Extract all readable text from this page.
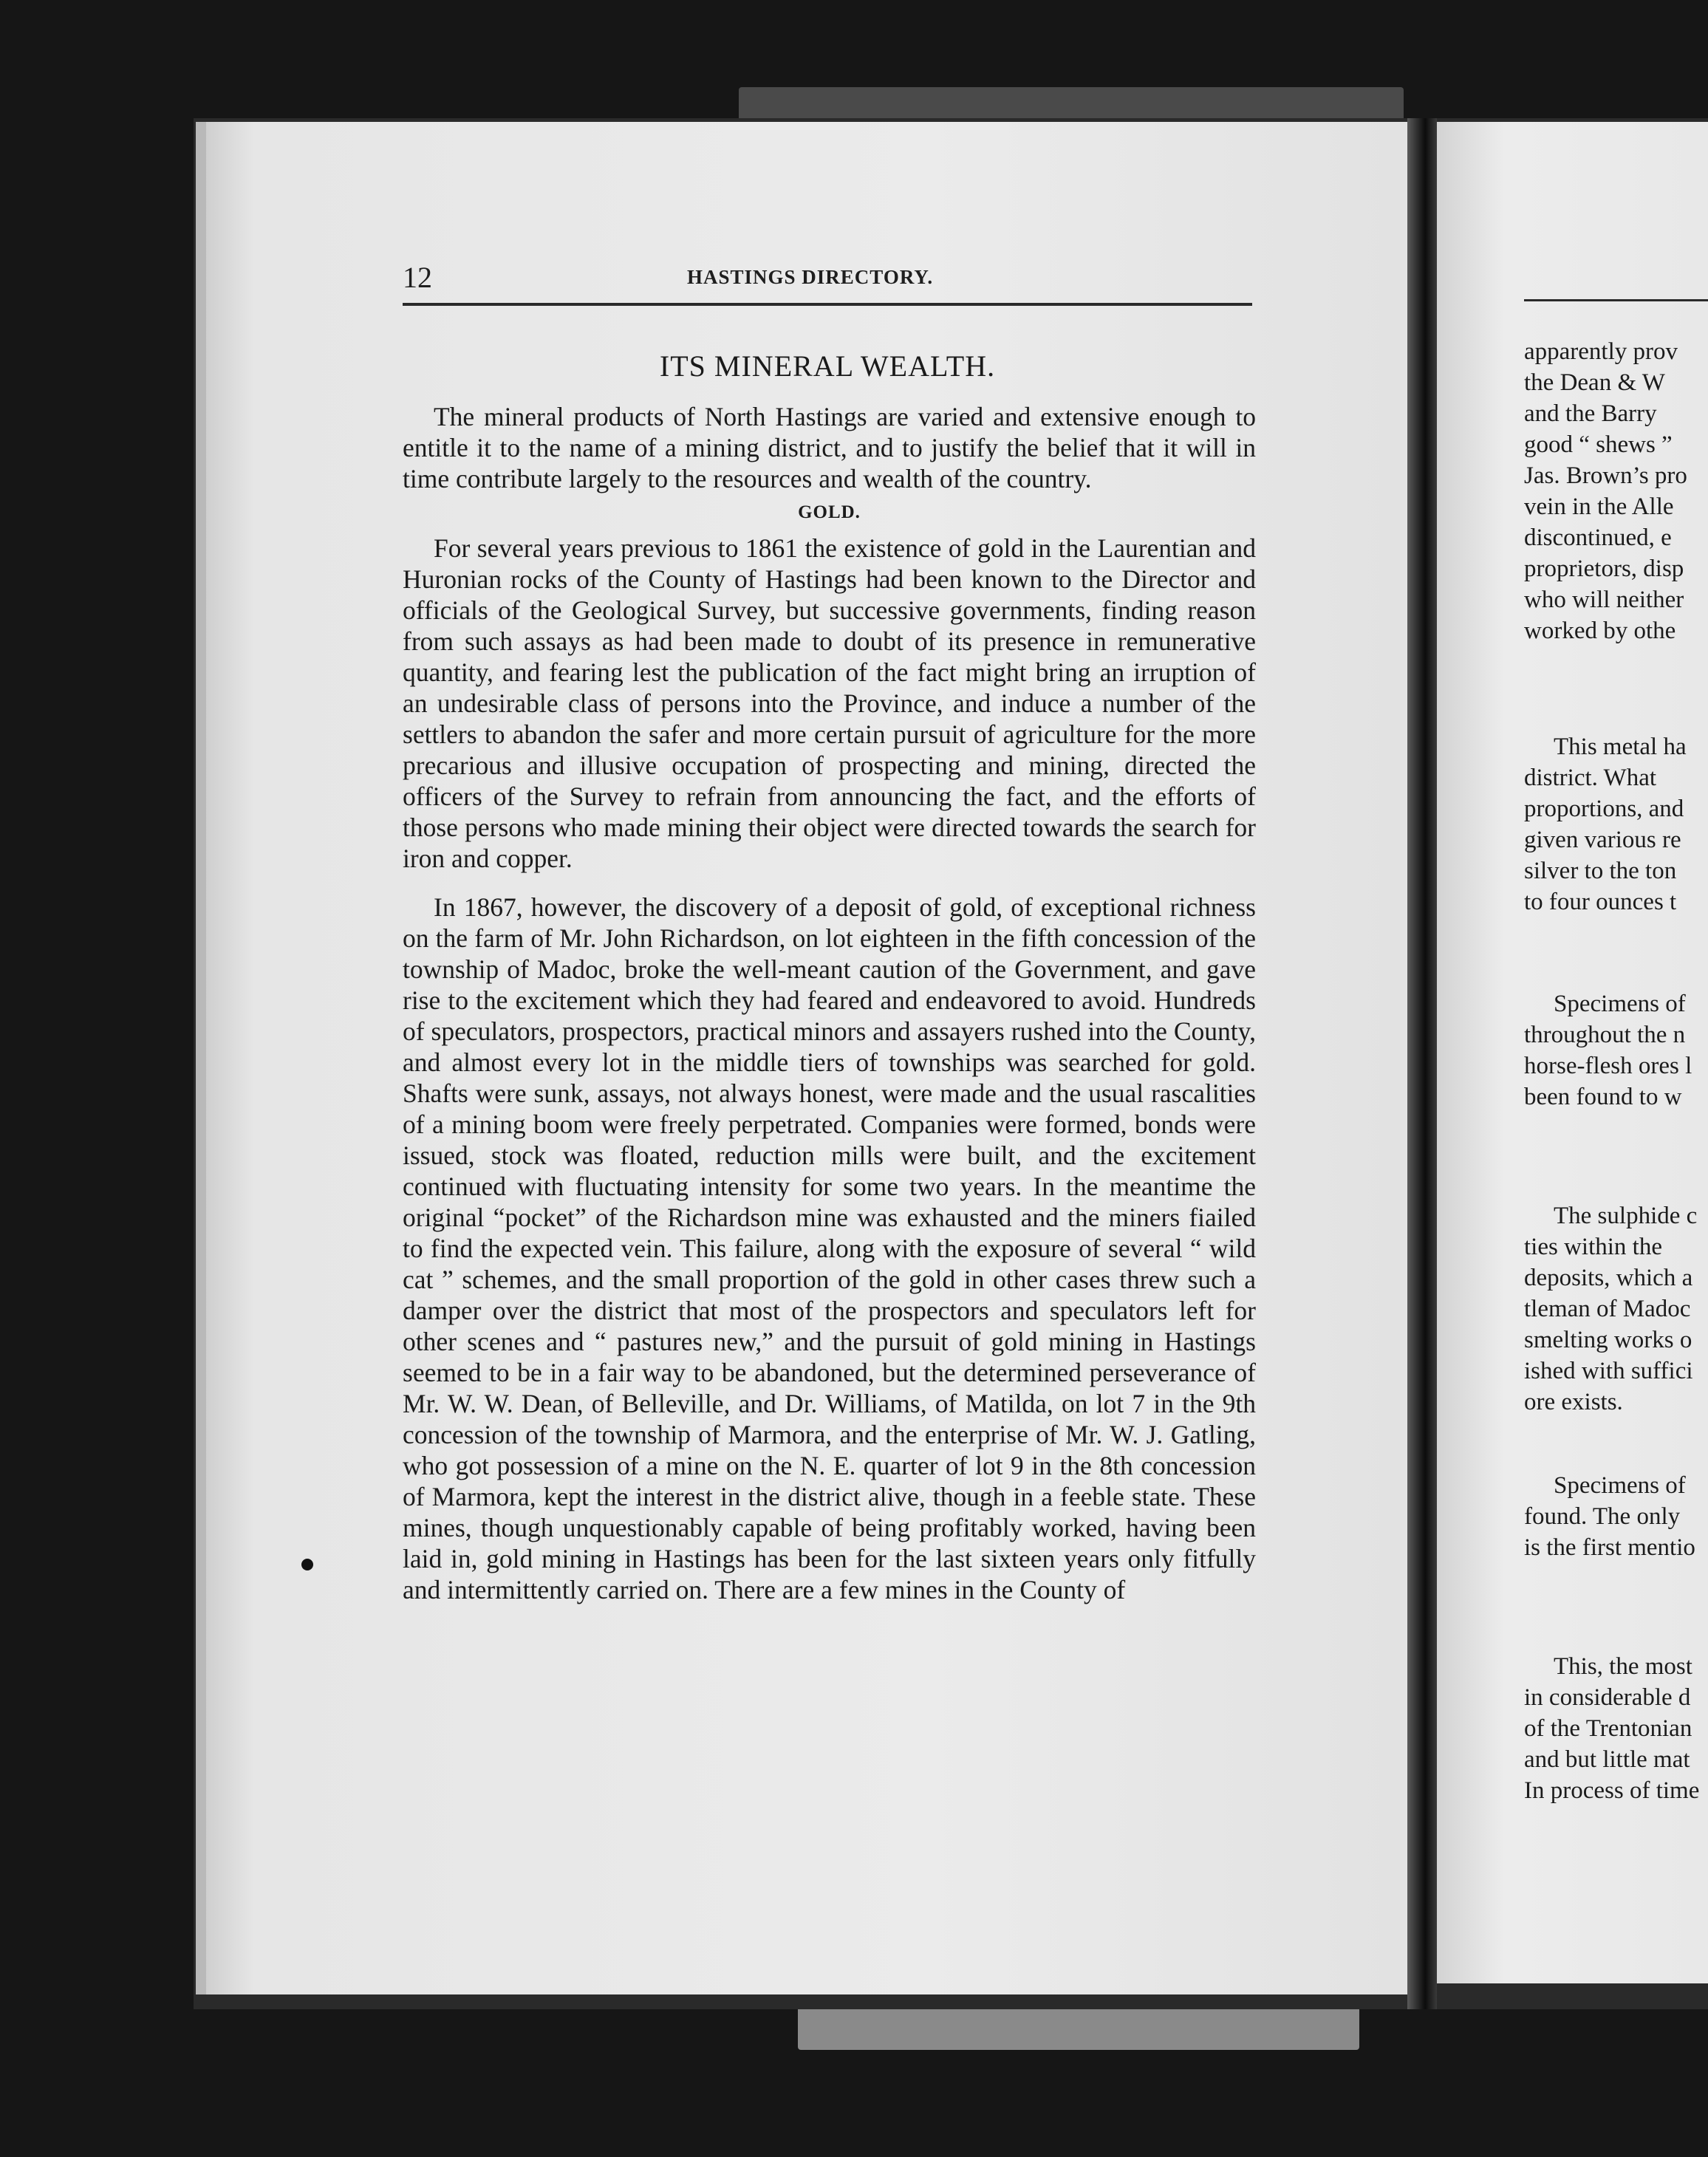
12	HASTINGS DIRECTORY.
ITS MINERAL WEALTH.

The mineral products of North Hastings are varied and extensive enough to entitle it to the name of a mining district, and to justify the belief that it will in time contribute largely to the resources and wealth of the country.

GOLD.

For several years previous to 1861 the existence of gold in the Laurentian and Huronian rocks of the County of Hastings had been known to the Director and officials of the Geological Survey, but successive governments, finding reason from such assays as had been made to doubt of its presence in remunerative quantity, and fearing lest the publication of the fact might bring an irruption of an undesirable class of persons into the Province, and induce a number of the settlers to abandon the safer and more certain pursuit of agriculture for the more precarious and illusive occupation of prospecting and mining, directed the officers of the Survey to refrain from announcing the fact, and the efforts of those persons who made mining their object were directed towards the search for iron and copper.

In 1867, however, the discovery of a deposit of gold, of exceptional richness on the farm of Mr. John Richardson, on lot eighteen in the fifth concession of the township of Madoc, broke the well-meant caution of the Government, and gave rise to the excitement which they had feared and endeavored to avoid. Hundreds of speculators, prospectors, practical minors and assayers rushed into the County, and almost every lot in the middle tiers of townships was searched for gold. Shafts were sunk, assays, not always honest, were made and the usual rascalities of a mining boom were freely perpetrated. Companies were formed, bonds were issued, stock was floated, reduction mills were built, and the excitement continued with fluctuating intensity for some two years. In the meantime the original “pocket” of the Richardson mine was exhausted and the miners fiailed to find the expected vein. This failure, along with the exposure of several “ wild cat ” schemes, and the small proportion of the gold in other cases threw such a damper over the district that most of the prospectors and speculators left for other scenes and “ pastures new,” and the pursuit of gold mining in Hastings seemed to be in a fair way to be abandoned, but the determined perseverance of Mr. W. W. Dean, of Belleville, and Dr. Williams, of Matilda, on lot 7 in the 9th concession of the township of Marmora, and the enterprise of Mr. W. J. Gatling, who got possession of a mine on the N. E. quarter of lot 9 in the 8th concession of Marmora, kept the interest in the district alive, though in a feeble state. These mines, though unquestionably capable of being profitably worked, having been laid in, gold mining in Hastings has been for the last sixteen years only fitfully and intermittently carried on. There are a few mines in the County of

apparently prov
the Dean & W
and the Barry
good “ shews ”
Jas. Brown’s pro
vein in the Alle
discontinued, e
proprietors, disp
who will neither
worked by othe
This metal ha
district. What
proportions, and
given various re
silver to the ton
to four ounces t
Specimens of
throughout the n
horse-flesh ores l
been found to w
The sulphide c
ties within the
deposits, which a
tleman of Madoc
smelting works o
ished with suffici
ore exists.
Specimens of
found. The only
is the first mentio
This, the most
in considerable d
of the Trentonian
and but little mat
In process of time
